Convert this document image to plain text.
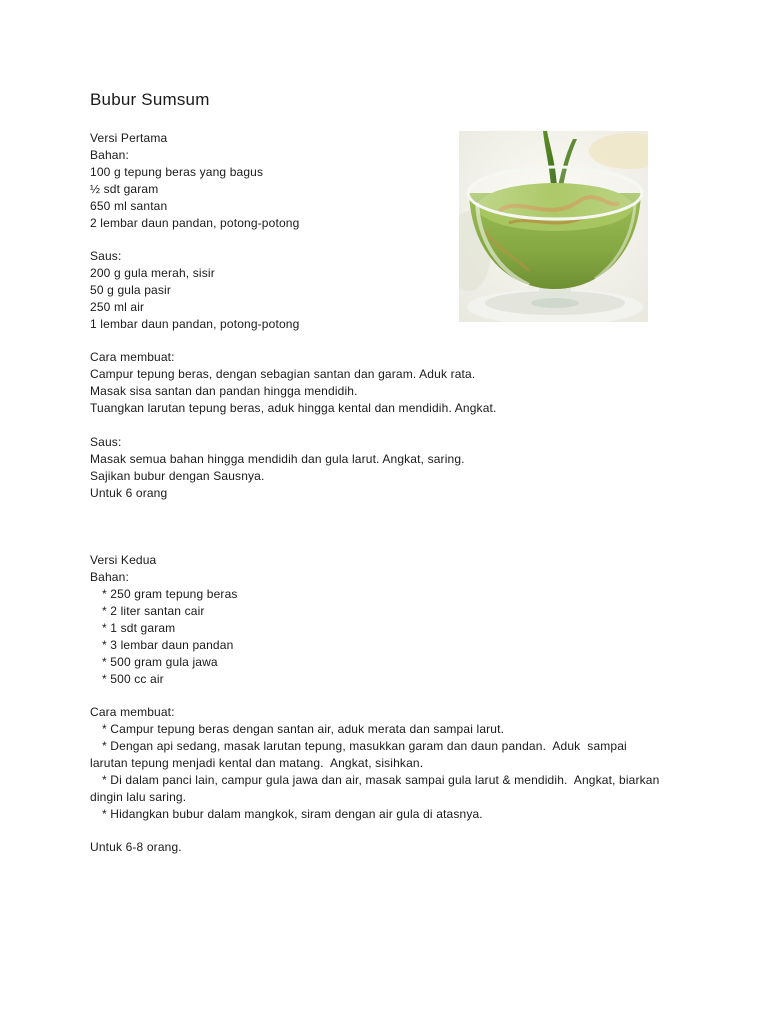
Bubur Sumsum
Versi Pertama
Bahan:
100 g tepung beras yang bagus
½ sdt garam
650 ml santan
2 lembar daun pandan, potong-potong
Saus:
200 g gula merah, sisir
50 g gula pasir
250 ml air
1 lembar daun pandan, potong-potong
Cara membuat:
Campur tepung beras, dengan sebagian santan dan garam. Aduk rata.
Masak sisa santan dan pandan hingga mendidih.
Tuangkan larutan tepung beras, aduk hingga kental dan mendidih. Angkat.
Saus:
Masak semua bahan hingga mendidih dan gula larut. Angkat, saring.
Sajikan bubur dengan Sausnya.
Untuk 6 orang
Versi Kedua
Bahan:
* 250 gram tepung beras
* 2 liter santan cair
* 1 sdt garam
* 3 lembar daun pandan
* 500 gram gula jawa
* 500 cc air
Cara membuat:
* Campur tepung beras dengan santan air, aduk merata dan sampai larut.
* Dengan api sedang, masak larutan tepung, masukkan garam dan daun pandan.  Aduk  sampai
larutan tepung menjadi kental dan matang.  Angkat, sisihkan.
* Di dalam panci lain, campur gula jawa dan air, masak sampai gula larut & mendidih.  Angkat, biarkan
dingin lalu saring.
* Hidangkan bubur dalam mangkok, siram dengan air gula di atasnya.
Untuk 6-8 orang.
